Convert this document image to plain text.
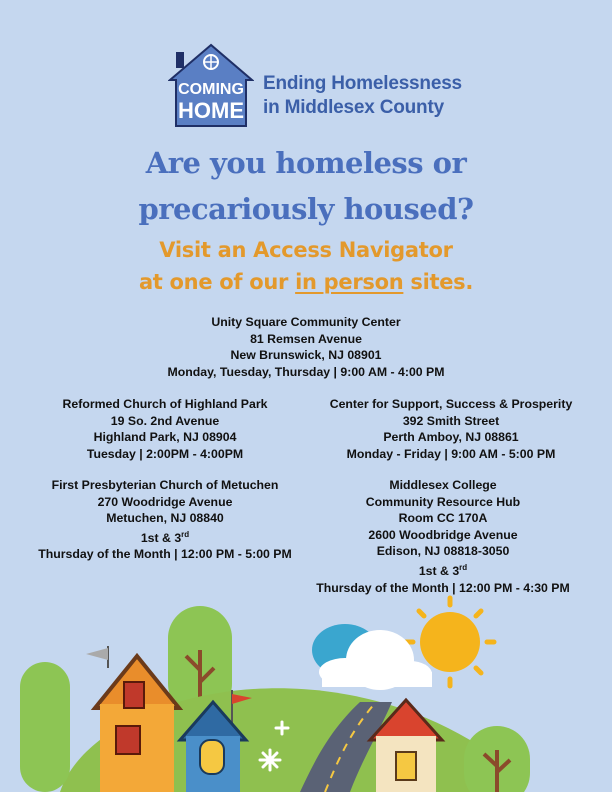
COMING
HOME
Ending Homelessness
in Middlesex County
Are you homeless or
precariously housed?
Visit an Access Navigator
at one of our in person sites.
Unity Square Community Center
81 Remsen Avenue
New Brunswick, NJ 08901
Monday, Tuesday, Thursday | 9:00 AM - 4:00 PM
Reformed Church of Highland Park
19 So. 2nd Avenue
Highland Park, NJ 08904
Tuesday | 2:00PM - 4:00PM
Center for Support, Success & Prosperity
392 Smith Street
Perth Amboy, NJ 08861
Monday - Friday | 9:00 AM - 5:00 PM
First Presbyterian Church of Metuchen
270 Woodridge Avenue
Metuchen, NJ 08840
1st & 3rd Thursday of the Month | 12:00 PM - 5:00 PM
Middlesex College Community Resource Hub
Room CC 170A
2600 Woodbridge Avenue
Edison, NJ 08818-3050
1st & 3rd Thursday of the Month | 12:00 PM - 4:30 PM
